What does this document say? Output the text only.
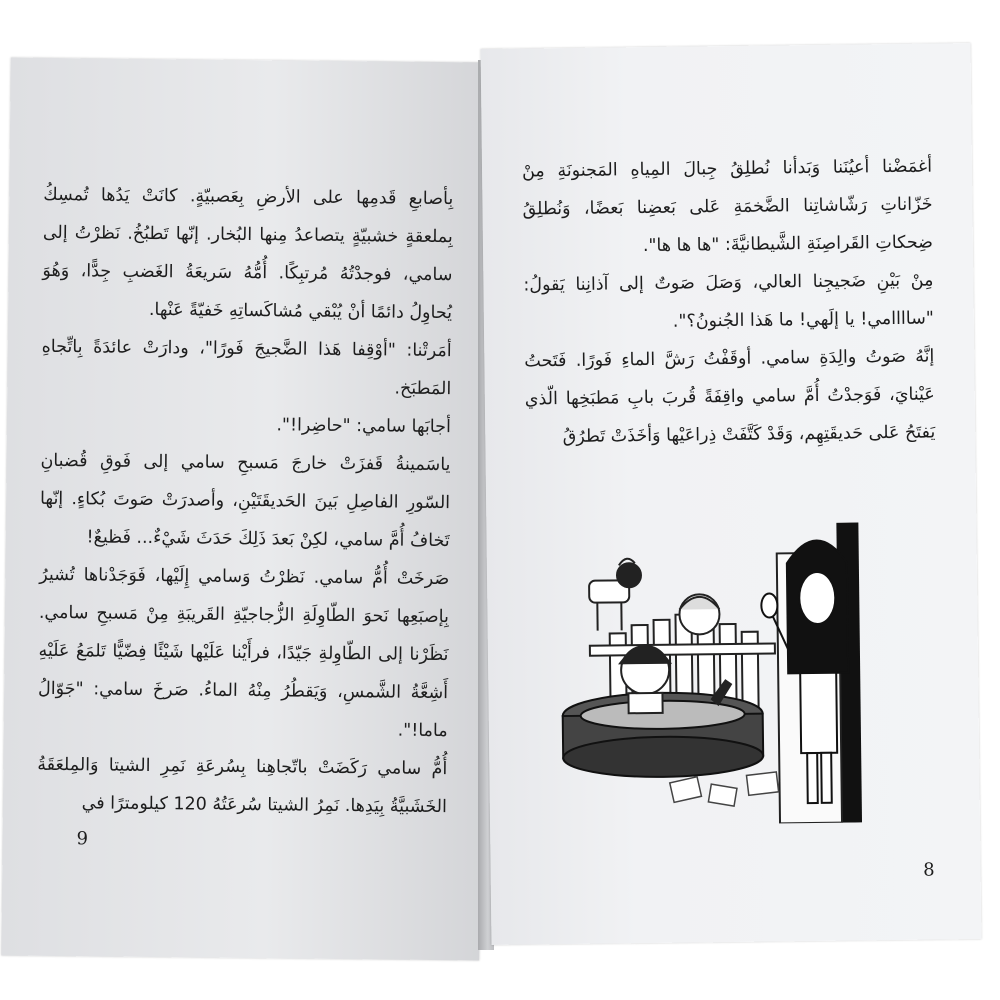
بِأصابعِ قَدمِها على الأرضِ بِعَصبيّةٍ. كانَتْ يَدُها تُمسِكُ بِملعقةٍ خشبيّةٍ يتصاعدُ مِنها البُخار. إنّها تَطبُخُ. نَظرْتُ إلى سامي، فوجدْتُهُ مُرتبِكًا. أُمُّهُ سَريعَةُ الغَضبِ جِدًّا، وَهُوَ يُحاوِلُ دائمًا أنْ يُبْقي مُشاكَساتِهِ خَفيّةً عَنْها.

أمَرتْنا: "أوْقِفا هَذا الضَّجيجَ فَورًا"، ودارَتْ عائدَةً بِاتِّجاهِ المَطبَخ.

أجابَها سامي: "حاضِرا!".

ياسَمينةُ قَفزَتْ خارجَ مَسبحِ سامي إلى فَوقِ قُضبانِ السّورِ الفاصِلِ بَينَ الحَديقَتَيْنِ، وأصدرَتْ صَوتَ بُكاءٍ. إنّها تَخافُ أُمَّ سامي، لكِنْ بَعدَ ذَلِكَ حَدَثَ شَيْءٌ... فَظيعٌ!

صَرخَتْ أُمُّ سامي. نَظرْتُ وَسامي إِلَيْها، فَوَجَدْناها تُشيرُ بِإصبَعِها نَحوَ الطّاوِلَةِ الزُّجاجيّةِ القَريبَةِ مِنْ مَسبحِ سامي. نَظَرْنا إلى الطّاوِلةِ جَيّدًا، فرأَيْنا عَلَيْها شَيْئًا فِضّيًّا تَلمَعُ عَلَيْهِ أَشِعَّةُ الشَّمسِ، وَيَقطُرُ مِنْهُ الماءُ. صَرخَ سامي: "جَوّالُ ماما!".

أُمُّ سامي رَكَضَتْ باتّجاهِنا بِسُرعَةِ نَمِرِ الشيتا وَالمِلعَقَةُ الخَشَبيَّةُ بِيَدِها. نَمِرُ الشيتا سُرعَتُهُ 120 كيلومترًا في

9

أغمَضْنا أعيُنَنا وَبَدأنا نُطلِقُ جِبالَ المِياهِ المَجنونَةِ مِنْ خَزّاناتِ رَشّاشاتِنا الضَّخمَةِ عَلى بَعضِنا بَعضًا، وَنُطلِقُ ضِحكاتِ القَراصِنَةِ الشَّيطانيَّةَ: "ها ها ها".

مِنْ بَيْنِ ضَجيجِنا العالي، وَصَلَ صَوتٌ إلى آذانِنا يَقولُ: "ساااامي! يا إلَهي! ما هَذا الجُنونُ؟".

إنَّهُ صَوتُ والِدَةِ سامي. أوقَفْتُ رَشَّ الماءِ فَورًا. فَتَحتُ عَيْنايَ، فَوَجدْتُ أُمَّ سامي واقِفَةً قُربَ بابِ مَطبَخِها الّذي يَفتَحُ عَلى حَديقَتِهِم، وَقَدْ كَتَّفَتْ ذِراعَيْها وَأخَذَتْ تَطرُقُ

8
